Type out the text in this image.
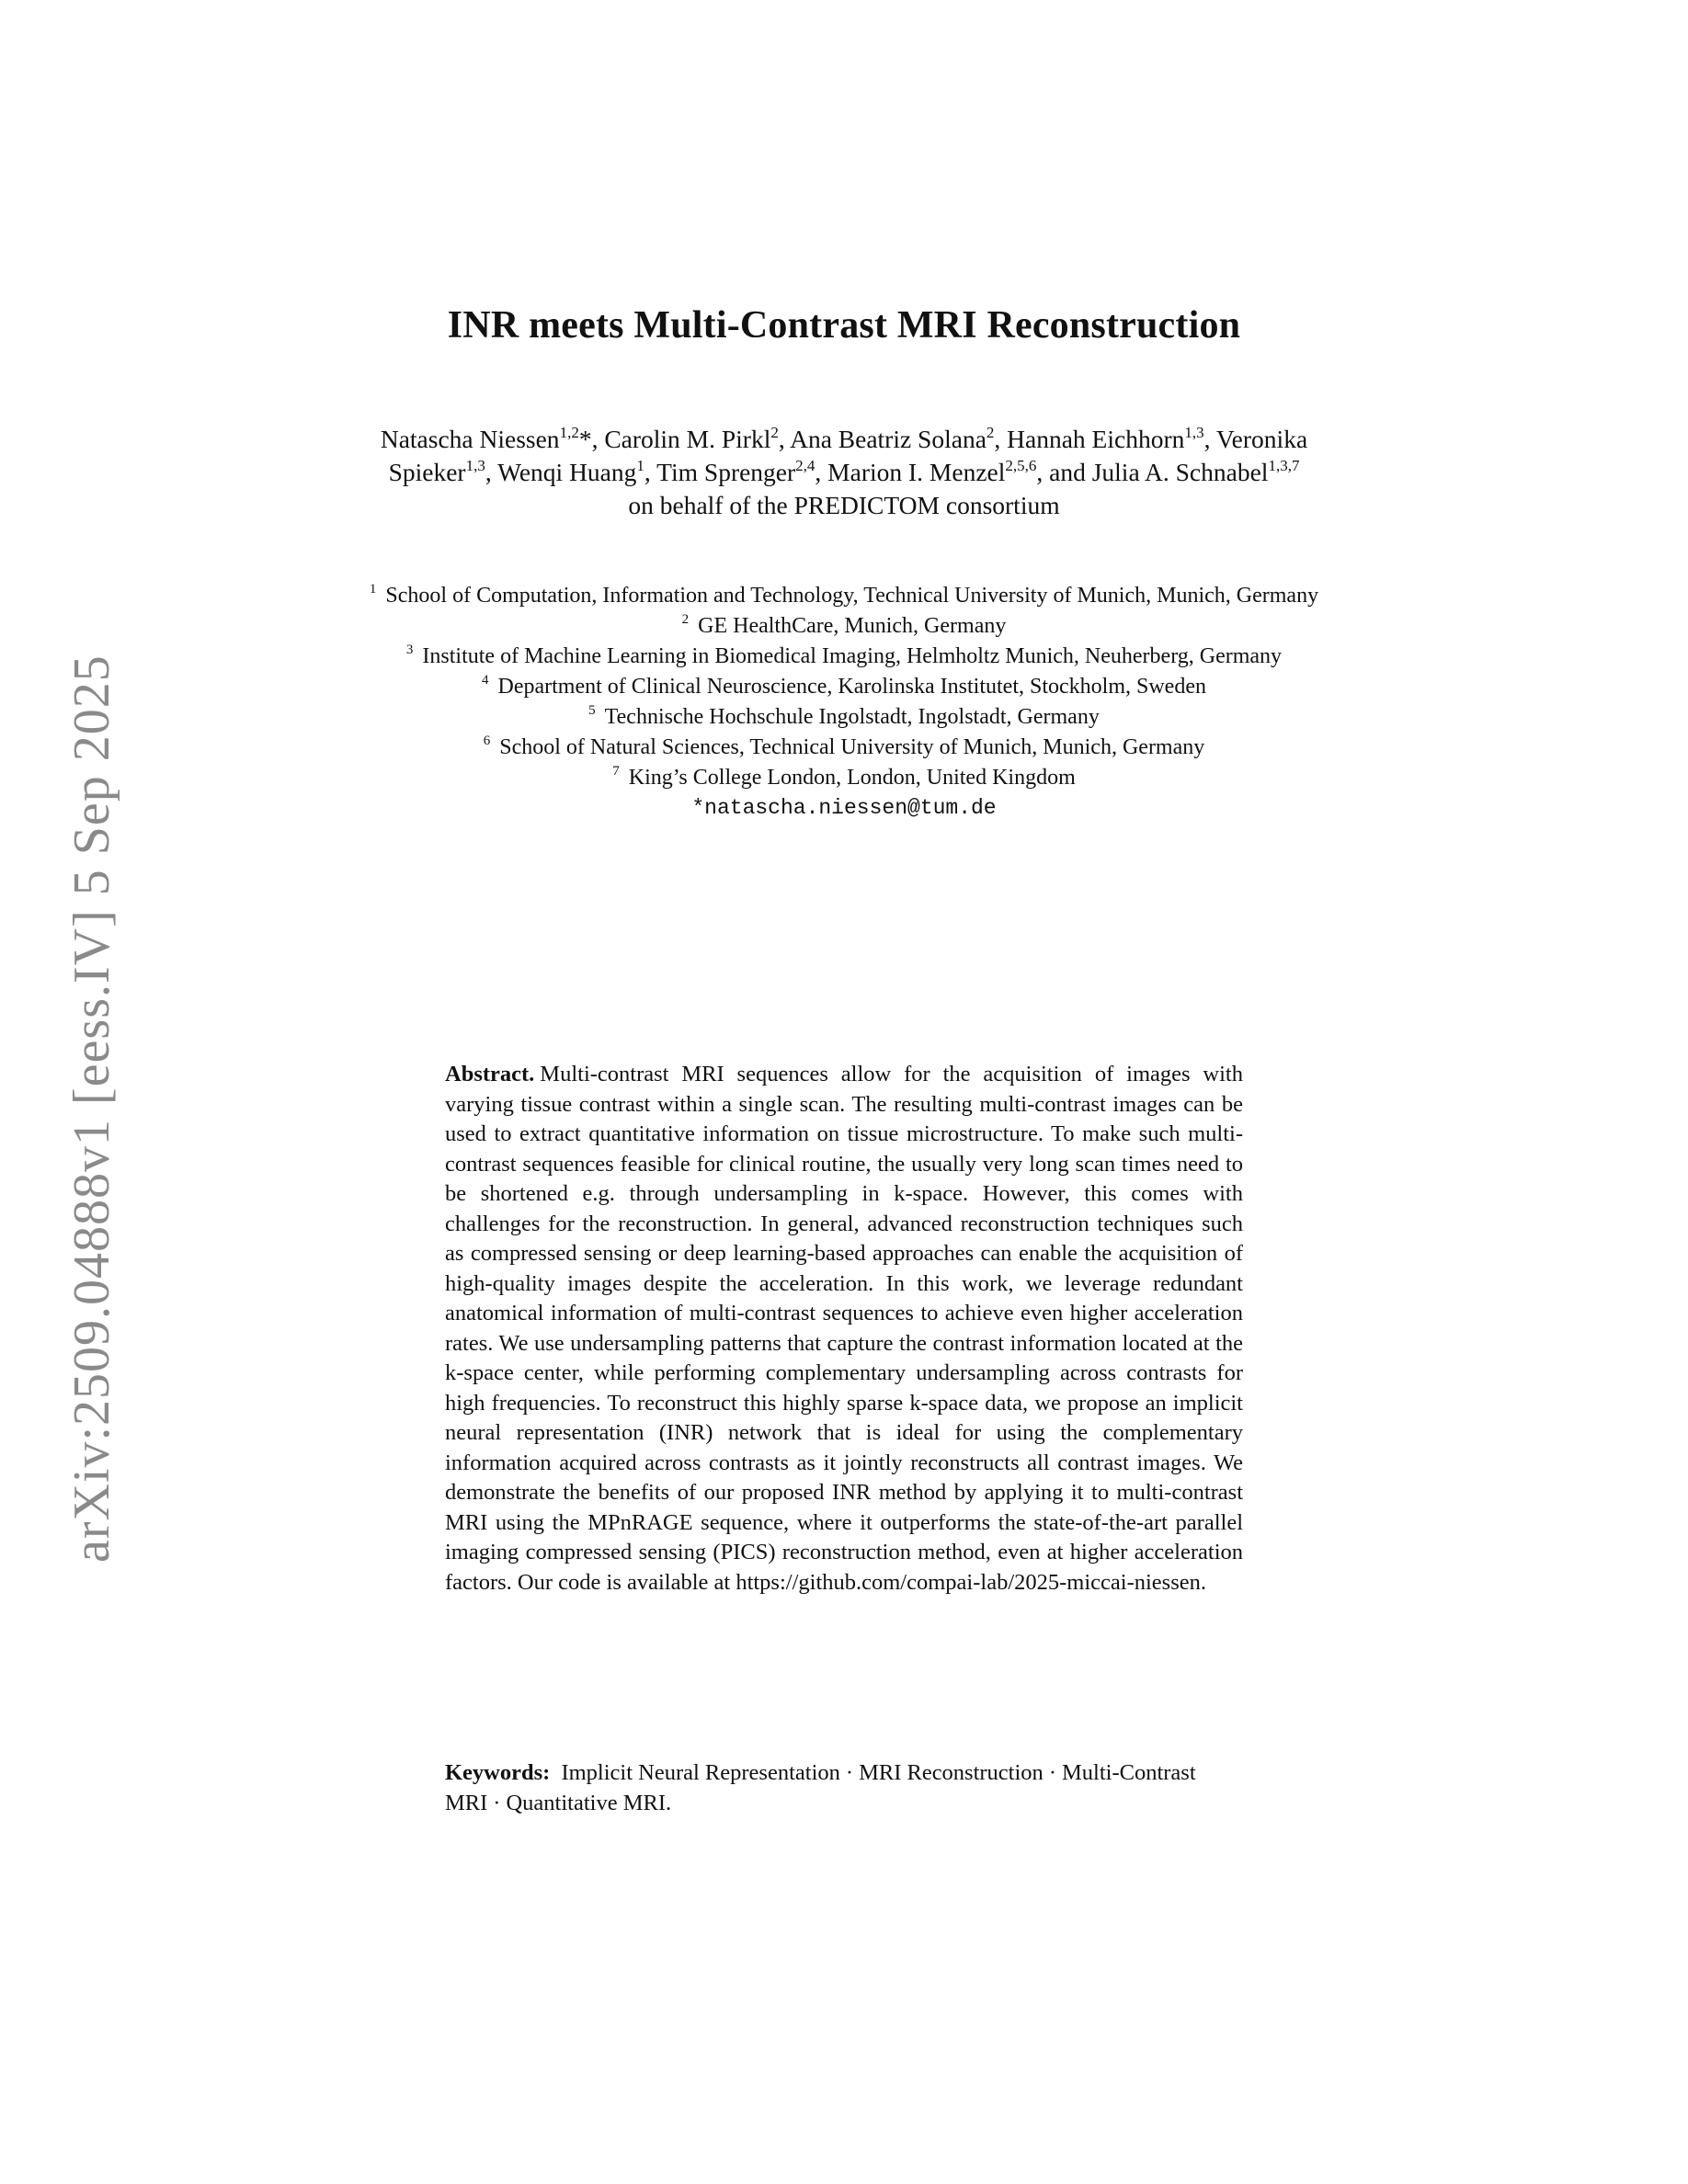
arXiv:2509.04888v1 [eess.IV] 5 Sep 2025
INR meets Multi-Contrast MRI Reconstruction
Natascha Niessen$^{1,2}$*, Carolin M. Pirkl$^2$, Ana Beatriz Solana$^2$, Hannah Eichhorn$^{1,3}$, Veronika Spieker$^{1,3}$, Wenqi Huang$^1$, Tim Sprenger$^{2,4}$, Marion I. Menzel$^{2,5,6}$, and Julia A. Schnabel$^{1,3,7}$
on behalf of the PREDICTOM consortium
$^1$ School of Computation, Information and Technology, Technical University of Munich, Munich, Germany
$^2$ GE HealthCare, Munich, Germany
$^3$ Institute of Machine Learning in Biomedical Imaging, Helmholtz Munich, Neuherberg, Germany
$^4$ Department of Clinical Neuroscience, Karolinska Institutet, Stockholm, Sweden
$^5$ Technische Hochschule Ingolstadt, Ingolstadt, Germany
$^6$ School of Natural Sciences, Technical University of Munich, Munich, Germany
$^7$ King’s College London, London, United Kingdom
*natascha.niessen@tum.de
Abstract. Multi-contrast MRI sequences allow for the acquisition of images with varying tissue contrast within a single scan. The resulting multi-contrast images can be used to extract quantitative information on tissue microstructure. To make such multi-contrast sequences feasible for clinical routine, the usually very long scan times need to be shortened e.g. through undersampling in k-space. However, this comes with challenges for the reconstruction. In general, advanced reconstruction techniques such as compressed sensing or deep learning-based approaches can enable the acquisition of high-quality images despite the acceleration. In this work, we leverage redundant anatomical information of multi-contrast sequences to achieve even higher acceleration rates. We use undersampling patterns that capture the contrast information located at the k-space center, while performing complementary undersampling across contrasts for high frequencies. To reconstruct this highly sparse k-space data, we propose an implicit neural representation (INR) network that is ideal for using the complementary information acquired across contrasts as it jointly reconstructs all contrast images. We demonstrate the benefits of our proposed INR method by applying it to multi-contrast MRI using the MPnRAGE sequence, where it outperforms the state-of-the-art parallel imaging compressed sensing (PICS) reconstruction method, even at higher acceleration factors. Our code is available at https://github.com/compai-lab/2025-miccai-niessen.
Keywords: Implicit Neural Representation · MRI Reconstruction · Multi-Contrast MRI · Quantitative MRI.
